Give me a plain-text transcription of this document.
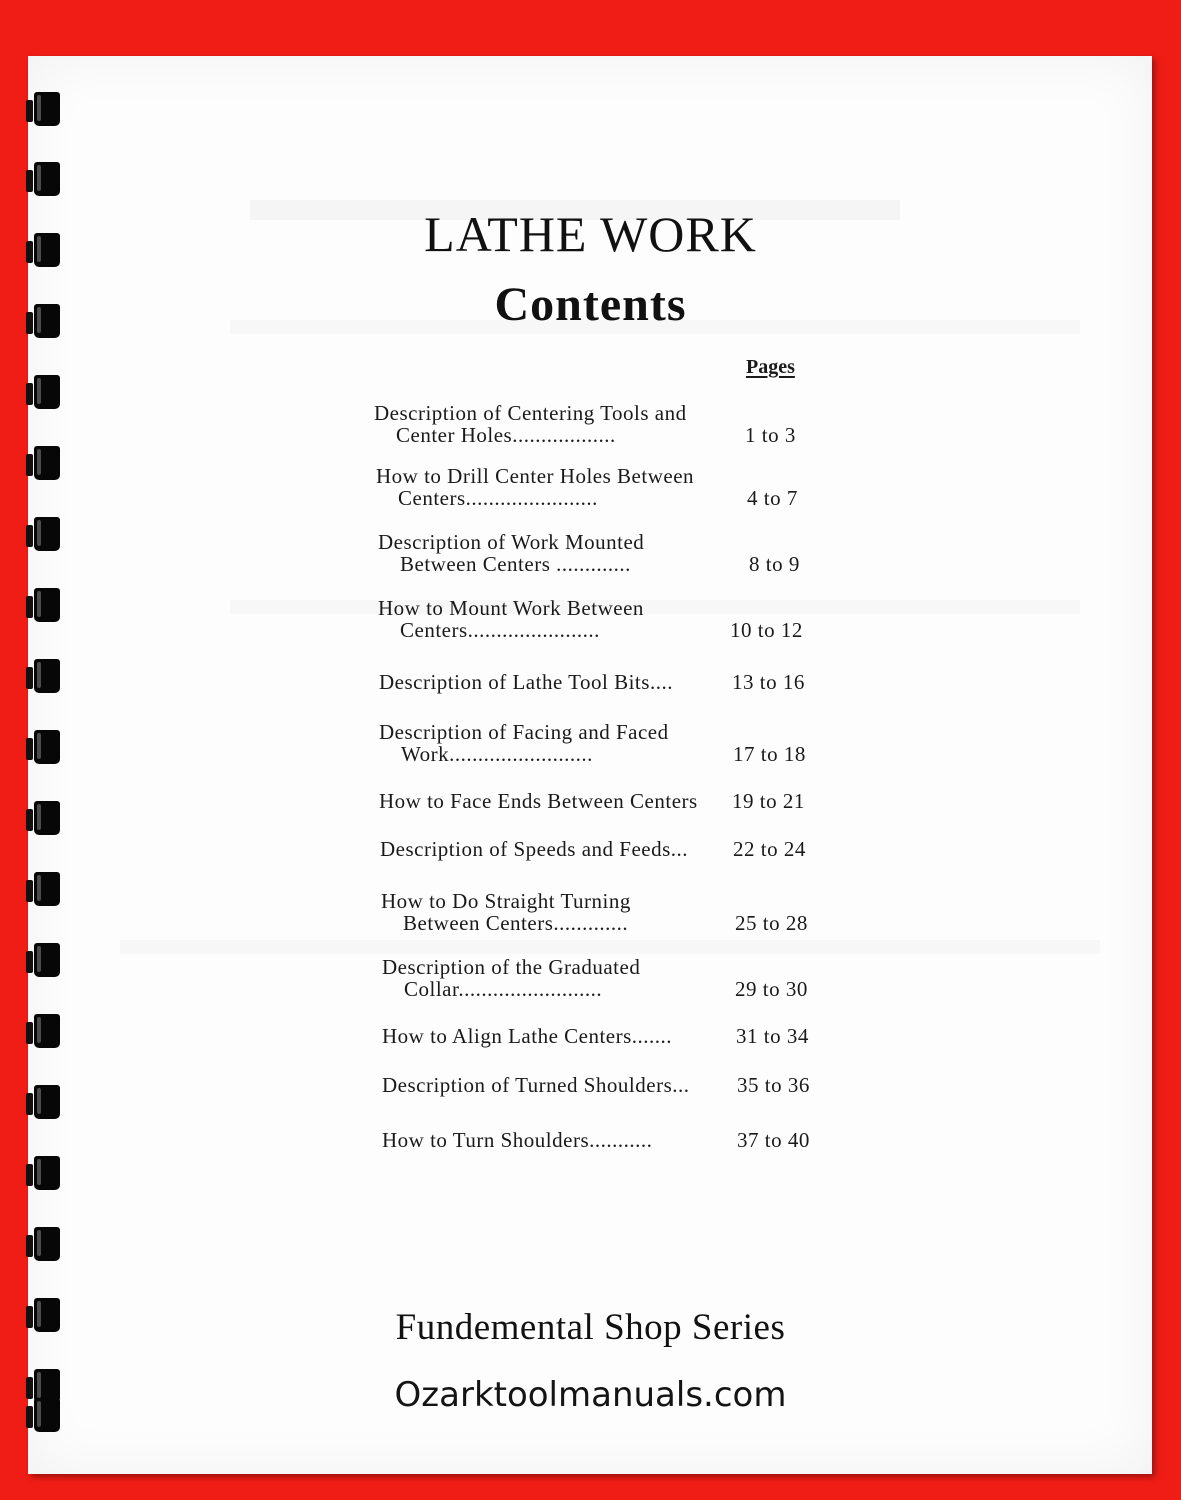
LATHE WORK
Contents
Pages
Description of Centering Tools and
Center Holes..................	1 to 3
How to Drill Center Holes Between
Centers.......................	4 to 7
Description of Work Mounted
Between Centers .............	8 to 9
How to Mount Work Between
Centers.......................	10 to 12
Description of Lathe Tool Bits....	13 to 16
Description of Facing and Faced
Work.........................	17 to 18
How to Face Ends Between Centers 19 to 21
Description of Speeds and Feeds... 22 to 24
How to Do Straight Turning
Between Centers.............	25 to 28
Description of the Graduated
Collar.........................	29 to 30
How to Align Lathe Centers.......	31 to 34
Description of Turned Shoulders... 35 to 36
How to Turn Shoulders...........	37 to 40
Fundemental Shop Series
Ozarktoolmanuals.com
